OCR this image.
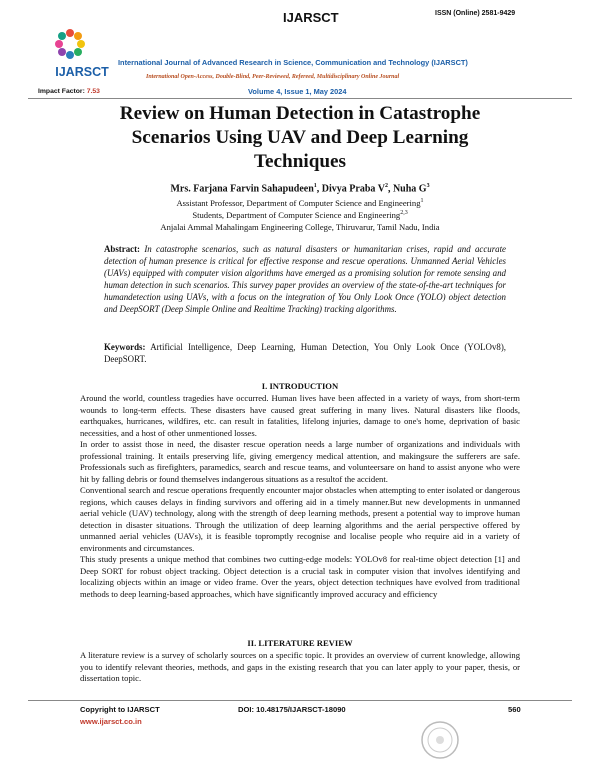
IJARSCT
IJARSCT	ISSN (Online) 2581-9429
International Journal of Advanced Research in Science, Communication and Technology (IJARSCT)
International Open-Access, Double-Blind, Peer-Reviewed, Refereed, Multidisciplinary Online Journal
Impact Factor: 7.53	Volume 4, Issue 1, May 2024
Review on Human Detection in Catastrophe
Scenarios Using UAV and Deep Learning
Techniques
Mrs. Farjana Farvin Sahapudeen$^1$, Divya Praba $V^2$, Nuha $G^3$
Assistant Professor, Department of Computer Science and Engineering$^1$
Students, Department of Computer Science and Engineering$^{2,3}$
Anjalai Ammal Mahalingam Engineering College, Thiruvarur, Tamil Nadu, India
Abstract: In catastrophe scenarios, such as natural disasters or humanitarian crises, rapid and accurate detection of human presence is critical for effective response and rescue operations. Unmanned Aerial Vehicles (UAVs) equipped with computer vision algorithms have emerged as a promising solution for remote sensing and human detection in such scenarios. This survey paper provides an overview of the state-of-the-art techniques for humandetection using UAVs, with a focus on the integration of You Only Look Once (YOLO) object detection and DeepSORT (Deep Simple Online and Realtime Tracking) tracking algorithms.
Keywords: Artificial Intelligence, Deep Learning, Human Detection, You Only Look Once (YOLOv8), DeepSORT.
I. INTRODUCTION

Around the world, countless tragedies have occurred. Human lives have been affected in a variety of ways, from short-term wounds to long-term effects. These disasters have caused great suffering in many lives. Natural disasters like floods, earthquakes, hurricanes, wildfires, etc. can result in fatalities, lifelong injuries, damage to one's home, deprivation of basic necessities, and a host of other unmentioned losses.

In order to assist those in need, the disaster rescue operation needs a large number of organizations and individuals with professional training. It entails preserving life, giving emergency medical attention, and makingsure the sufferers are safe. Professionals such as firefighters, paramedics, search and rescue teams, and volunteersare on hand to assist anyone who were hit by falling debris or found themselves indangerous situations as a resultof the accident.

Conventional search and rescue operations frequently encounter major obstacles when attempting to enter isolated or dangerous regions, which causes delays in finding survivors and offering aid in a timely manner.But new developments in unmanned aerial vehicle (UAV) technology, along with the strength of deep learning methods, present a potential way to improve human detection in disaster situations. Through the utilization of deep learning algorithms and the aerial perspective offered by unmanned aerial vehicles (UAVs), it is feasible topromptly recognise and localise people who require aid in a variety of environments and circumstances.

This study presents a unique method that combines two cutting-edge models: YOLOv8 for real-time object detection [1] and Deep SORT for robust object tracking. Object detection is a crucial task in computer vision that involves identifying and localizing objects within an image or video frame. Over the years, object detection techniques have evolved from traditional methods to deep learning-based approaches, which have significantly improved accuracy and efficiency

II. LITERATURE REVIEW

A literature review is a survey of scholarly sources on a specific topic. It provides an overview of current knowledge, allowing you to identify relevant theories, methods, and gaps in the existing research that you can later apply to your paper, thesis, or dissertation topic.

Copyright to IJARSCT
www.ijarsct.co.in
DOI: 10.48175/IJARSCT-18090	560
